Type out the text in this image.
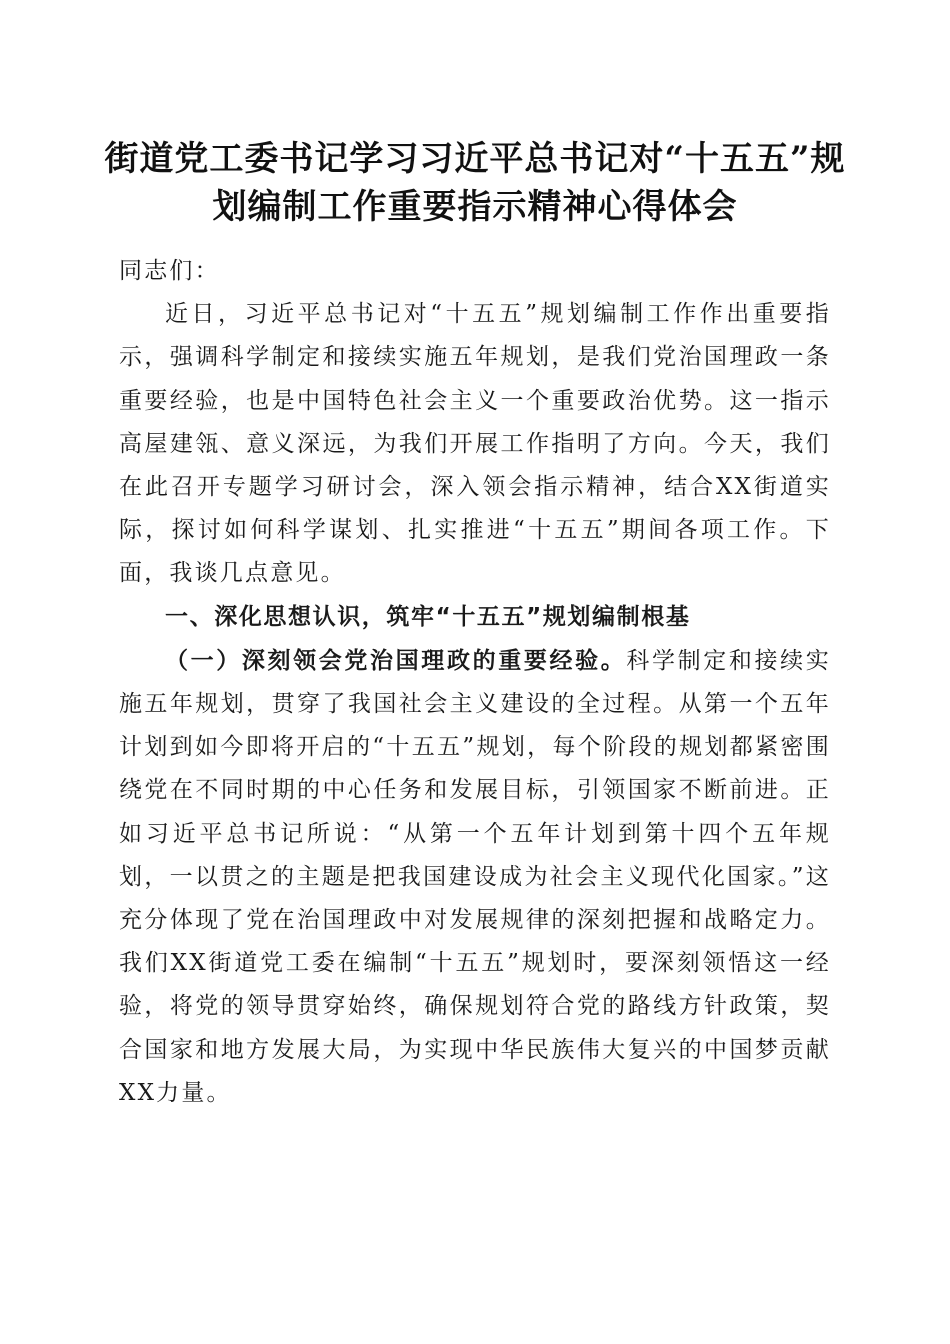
街道党工委书记学习习近平总书记对“十五五”规划编制工作重要指示精神心得体会

同志们：

近日，习近平总书记对“十五五”规划编制工作作出重要指示，强调科学制定和接续实施五年规划，是我们党治国理政一条重要经验，也是中国特色社会主义一个重要政治优势。这一指示高屋建瓴、意义深远，为我们开展工作指明了方向。今天，我们在此召开专题学习研讨会，深入领会指示精神，结合XX街道实际，探讨如何科学谋划、扎实推进“十五五”期间各项工作。下面，我谈几点意见。

一、深化思想认识，筑牢“十五五”规划编制根基

（一）深刻领会党治国理政的重要经验。科学制定和接续实施五年规划，贯穿了我国社会主义建设的全过程。从第一个五年计划到如今即将开启的“十五五”规划，每个阶段的规划都紧密围绕党在不同时期的中心任务和发展目标，引领国家不断前进。正如习近平总书记所说：“从第一个五年计划到第十四个五年规划，一以贯之的主题是把我国建设成为社会主义现代化国家。”这充分体现了党在治国理政中对发展规律的深刻把握和战略定力。我们XX街道党工委在编制“十五五”规划时，要深刻领悟这一经验，将党的领导贯穿始终，确保规划符合党的路线方针政策，契合国家和地方发展大局，为实现中华民族伟大复兴的中国梦贡献XX力量。
